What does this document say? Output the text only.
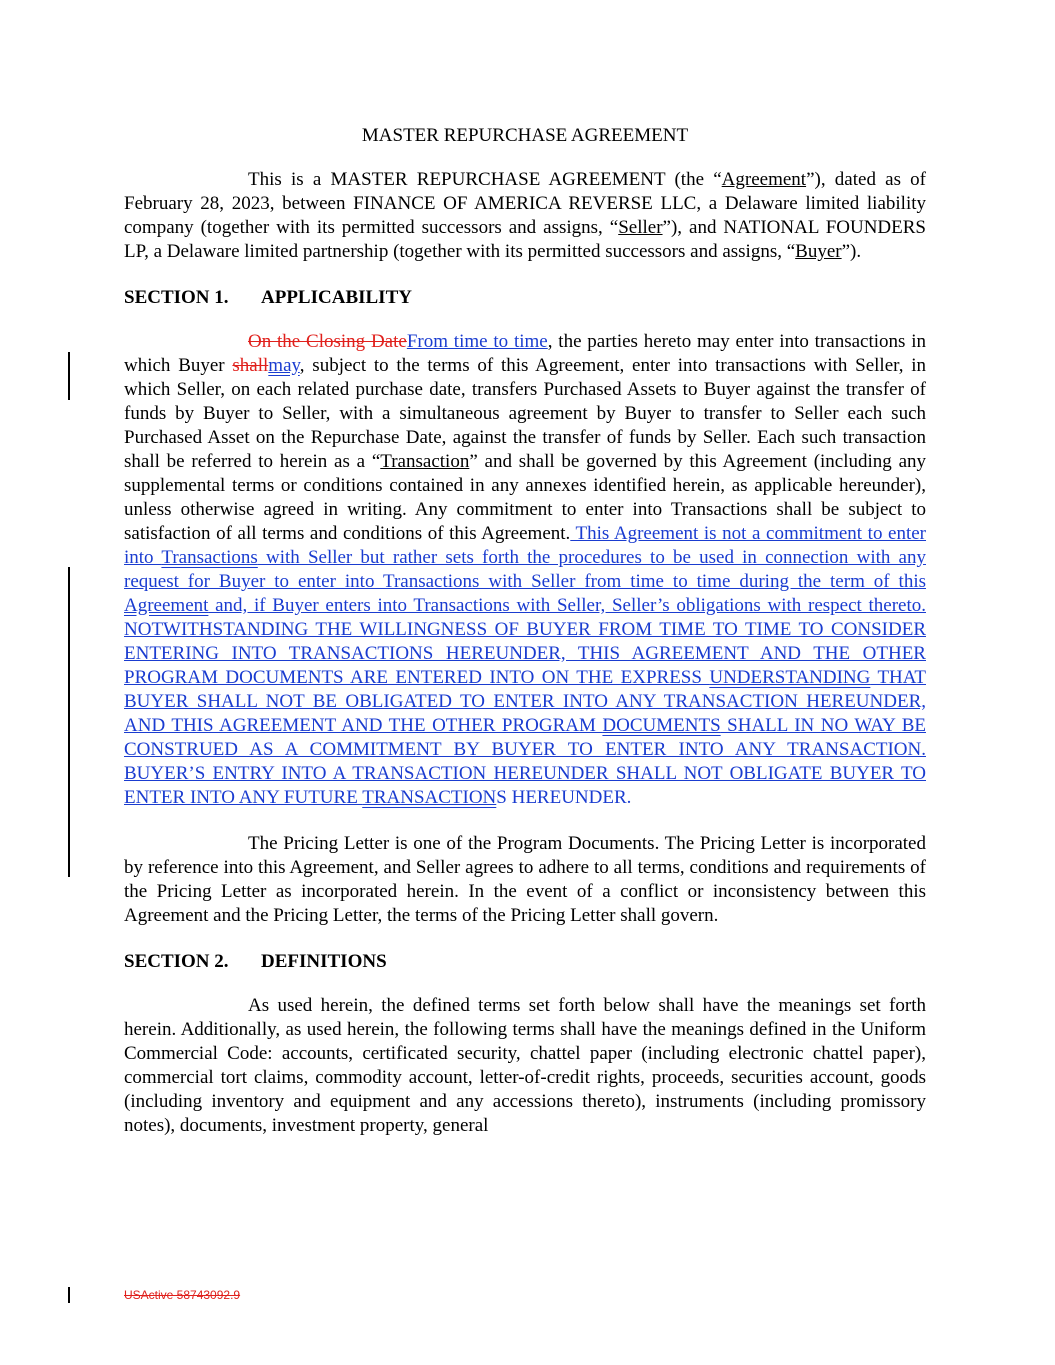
MASTER REPURCHASE AGREEMENT

This is a MASTER REPURCHASE AGREEMENT (the “Agreement”), dated as of February 28, 2023, between FINANCE OF AMERICA REVERSE LLC, a Delaware limited liability company (together with its permitted successors and assigns, “Seller”), and NATIONAL FOUNDERS LP, a Delaware limited partnership (together with its permitted successors and assigns, “Buyer”).

SECTION 1. APPLICABILITY

On the Closing DateFrom time to time, the parties hereto may enter into transactions in which Buyer shallmay, subject to the terms of this Agreement, enter into transactions with Seller, in which Seller, on each related purchase date, transfers Purchased Assets to Buyer against the transfer of funds by Buyer to Seller, with a simultaneous agreement by Buyer to transfer to Seller each such Purchased Asset on the Repurchase Date, against the transfer of funds by Seller. Each such transaction shall be referred to herein as a “Transaction” and shall be governed by this Agreement (including any supplemental terms or conditions contained in any annexes identified herein, as applicable hereunder), unless otherwise agreed in writing. Any commitment to enter into Transactions shall be subject to satisfaction of all terms and conditions of this Agreement. This Agreement is not a commitment to enter into Transactions with Seller but rather sets forth the procedures to be used in connection with any request for Buyer to enter into Transactions with Seller from time to time during the term of this Agreement and, if Buyer enters into Transactions with Seller, Seller’s obligations with respect thereto. NOTWITHSTANDING THE WILLINGNESS OF BUYER FROM TIME TO TIME TO CONSIDER ENTERING INTO TRANSACTIONS HEREUNDER, THIS AGREEMENT AND THE OTHER PROGRAM DOCUMENTS ARE ENTERED INTO ON THE EXPRESS UNDERSTANDING THAT BUYER SHALL NOT BE OBLIGATED TO ENTER INTO ANY TRANSACTION HEREUNDER, AND THIS AGREEMENT AND THE OTHER PROGRAM DOCUMENTS SHALL IN NO WAY BE CONSTRUED AS A COMMITMENT BY BUYER TO ENTER INTO ANY TRANSACTION. BUYER’S ENTRY INTO A TRANSACTION HEREUNDER SHALL NOT OBLIGATE BUYER TO ENTER INTO ANY FUTURE TRANSACTIONS HEREUNDER.

The Pricing Letter is one of the Program Documents. The Pricing Letter is incorporated by reference into this Agreement, and Seller agrees to adhere to all terms, conditions and requirements of the Pricing Letter as incorporated herein. In the event of a conflict or inconsistency between this Agreement and the Pricing Letter, the terms of the Pricing Letter shall govern.

SECTION 2. DEFINITIONS

As used herein, the defined terms set forth below shall have the meanings set forth herein. Additionally, as used herein, the following terms shall have the meanings defined in the Uniform Commercial Code: accounts, certificated security, chattel paper (including electronic chattel paper), commercial tort claims, commodity account, letter-of-credit rights, proceeds, securities account, goods (including inventory and equipment and any accessions thereto), instruments (including promissory notes), documents, investment property, general

USActive 58743092.9
